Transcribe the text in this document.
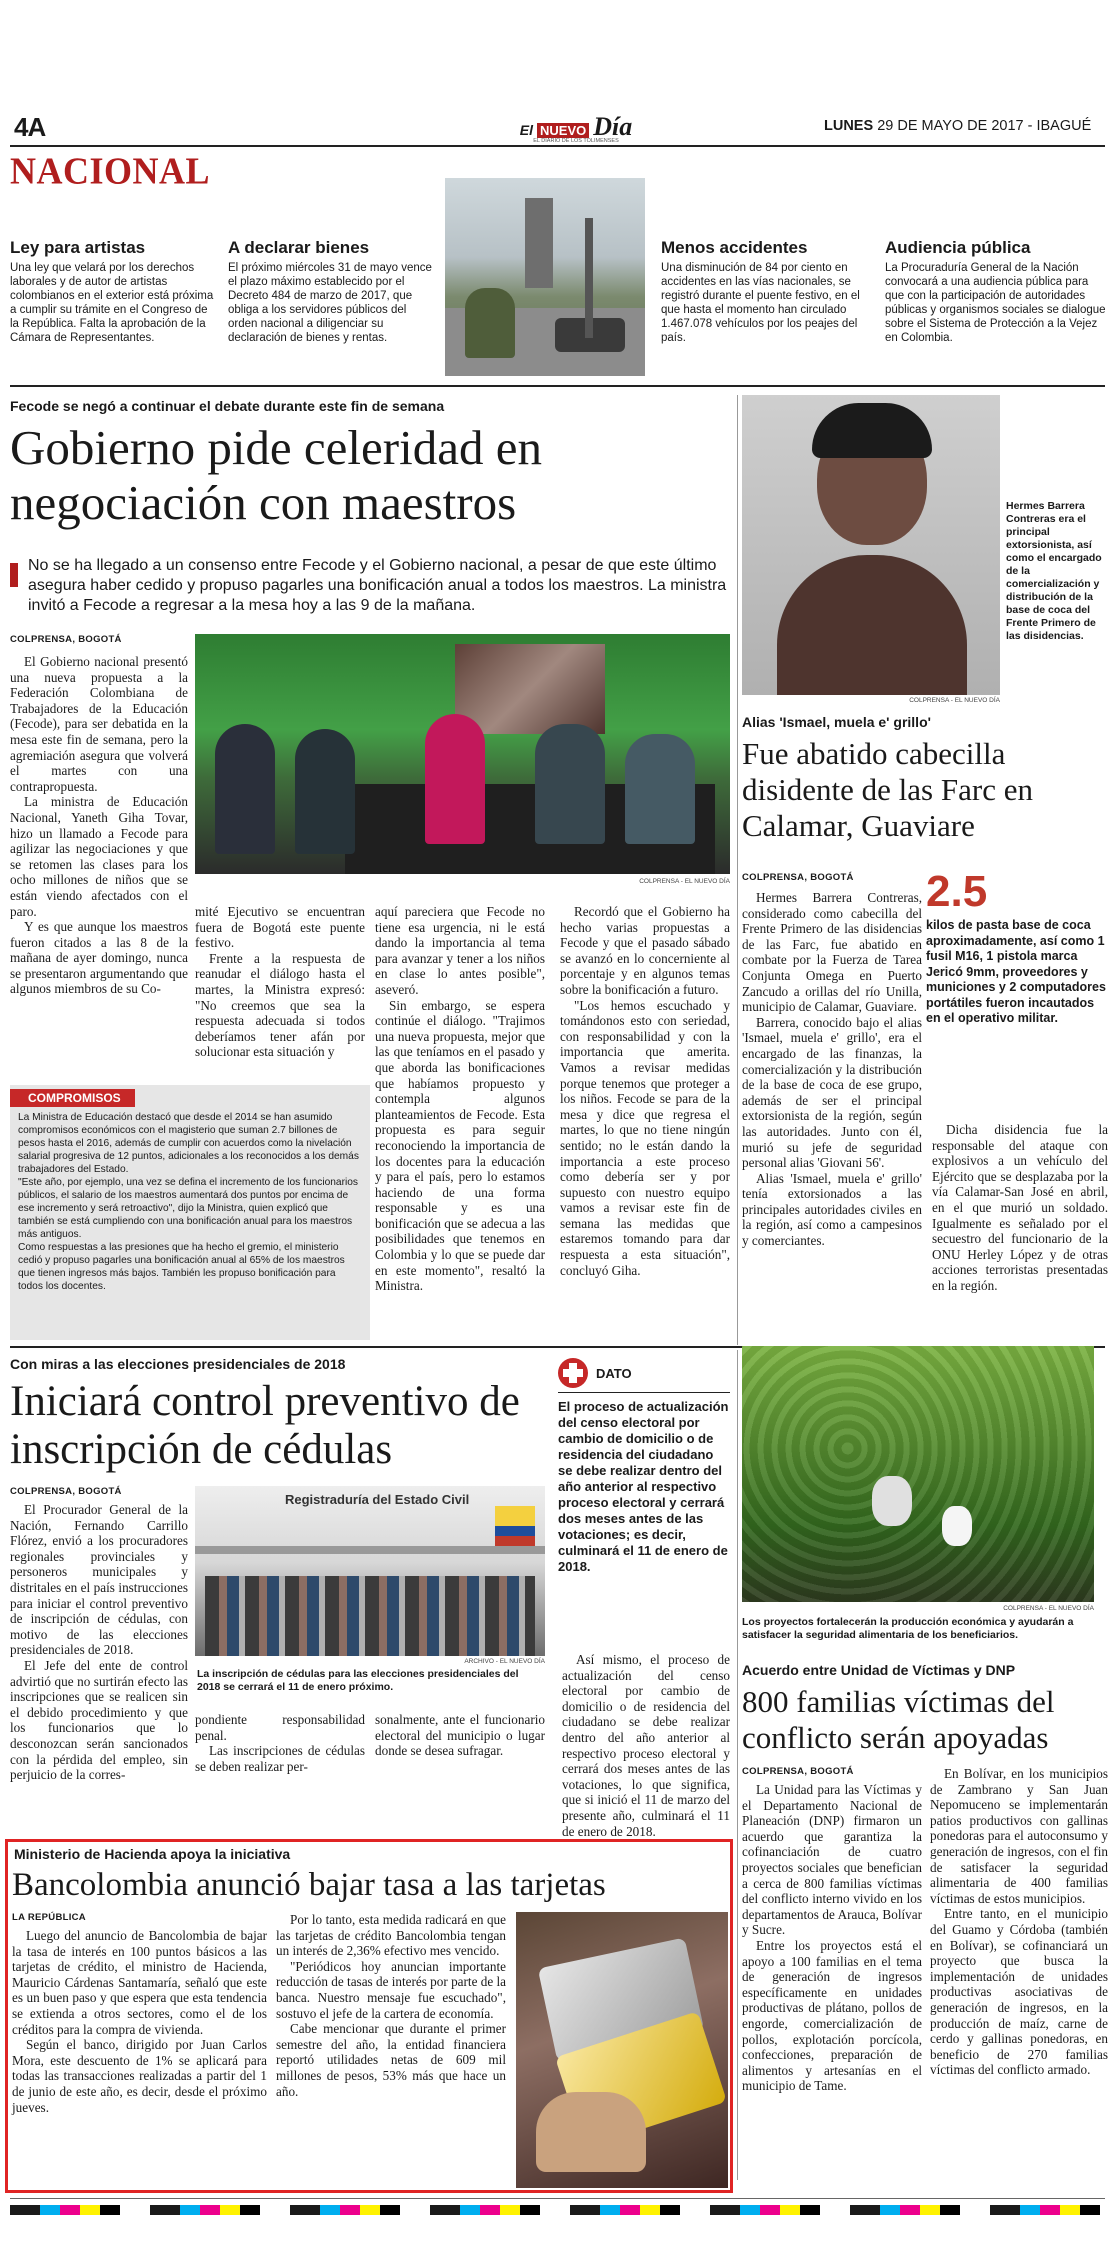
4A	El NUEVO Día
EL DIARIO DE LOS TOLIMENSES
LUNES 29 DE MAYO DE 2017 - IBAGUÉ
NACIONAL
Ley para artistas
Una ley que velará por los derechos laborales y de autor de artistas colombianos en el exterior está próxima a cumplir su trámite en el Congreso de la República. Falta la aprobación de la Cámara de Representantes.
A declarar bienes
El próximo miércoles 31 de mayo vence el plazo máximo establecido por el Decreto 484 de marzo de 2017, que obliga a los servidores públicos del orden nacional a diligenciar su declaración de bienes y rentas.
Menos accidentes
Una disminución de 84 por ciento en accidentes en las vías nacionales, se registró durante el puente festivo, en el que hasta el momento han circulado 1.467.078 vehículos por los peajes del país.
Audiencia pública
La Procuraduría General de la Nación convocará a una audiencia pública para que con la participación de autoridades públicas y organismos sociales se dialogue sobre el Sistema de Protección a la Vejez en Colombia.
Fecode se negó a continuar el debate durante este fin de semana
Gobierno pide celeridad en negociación con maestros
No se ha llegado a un consenso entre Fecode y el Gobierno nacional, a pesar de que este último asegura haber cedido y propuso pagarles una bonificación anual a todos los maestros. La ministra invitó a Fecode a regresar a la mesa hoy a las 9 de la mañana.
COLPRENSA, BOGOTÁ

El Gobierno nacional presentó una nueva propuesta a la Federación Colombiana de Trabajadores de la Educación (Fecode), para ser debatida en la mesa este fin de semana, pero la agremiación asegura que volverá el martes con una contrapropuesta.

La ministra de Educación Nacional, Yaneth Giha Tovar, hizo un llamado a Fecode para agilizar las negociaciones y que se retomen las clases para los ocho millones de niños que se están viendo afectados con el paro.

Y es que aunque los maestros fueron citados a las 8 de la mañana de ayer domingo, nunca se presentaron argumentando que algunos miembros de su Co-

COLPRENSA - EL NUEVO DÍA

mité Ejecutivo se encuentran fuera de Bogotá este puente festivo.

Frente a la respuesta de reanudar el diálogo hasta el martes, la Ministra expresó: "No creemos que sea la respuesta adecuada si todos deberíamos tener afán por solucionar esta situación y

aquí pareciera que Fecode no tiene esa urgencia, ni le está dando la importancia al tema para avanzar y tener a los niños en clase lo antes posible", aseveró.

Sin embargo, se espera continúe el diálogo. "Trajimos una nueva propuesta, mejor que las que teníamos en el pasado y que aborda las bonificaciones que habíamos propuesto y contempla algunos planteamientos de Fecode. Esta propuesta es para seguir reconociendo la importancia de los docentes para la educación y para el país, pero lo estamos haciendo de una forma responsable y es una bonificación que se adecua a las posibilidades que tenemos en Colombia y lo que se puede dar en este momento", resaltó la Ministra.

Recordó que el Gobierno ha hecho varias propuestas a Fecode y que el pasado sábado se avanzó en lo concerniente al porcentaje y en algunos temas sobre la bonificación a futuro.

"Los hemos escuchado y tomándonos esto con seriedad, con responsabilidad y con la importancia que amerita. Vamos a revisar medidas porque tenemos que proteger a los niños. Fecode se para de la mesa y dice que regresa el martes, lo que no tiene ningún sentido; no le están dando la importancia a este proceso como debería ser y por supuesto con nuestro equipo vamos a revisar este fin de semana las medidas que estaremos tomando para dar respuesta a esta situación", concluyó Giha.

COMPROMISOS

La Ministra de Educación destacó que desde el 2014 se han asumido compromisos económicos con el magisterio que suman 2.7 billones de pesos hasta el 2016, además de cumplir con acuerdos como la nivelación salarial progresiva de 12 puntos, adicionales a los reconocidos a los demás trabajadores del Estado.

"Este año, por ejemplo, una vez se defina el incremento de los funcionarios públicos, el salario de los maestros aumentará dos puntos por encima de ese incremento y será retroactivo", dijo la Ministra, quien explicó que también se está cumpliendo con una bonificación anual para los maestros más antiguos.

Como respuestas a las presiones que ha hecho el gremio, el ministerio cedió y propuso pagarles una bonificación anual al 65% de los maestros que tienen ingresos más bajos. También les propuso bonificación para todos los docentes.

Hermes Barrera Contreras era el principal extorsionista, así como el encargado de la comercialización y distribución de la base de coca del Frente Primero de las disidencias.
COLPRENSA - EL NUEVO DÍA
Alias 'Ismael, muela e' grillo'
Fue abatido cabecilla disidente de las Farc en Calamar, Guaviare
COLPRENSA, BOGOTÁ

Hermes Barrera Contreras, considerado como cabecilla del Frente Primero de las disidencias de las Farc, fue abatido en combate por la Fuerza de Tarea Conjunta Omega en Puerto Zancudo a orillas del río Unilla, municipio de Calamar, Guaviare.

Barrera, conocido bajo el alias 'Ismael, muela e' grillo', era el encargado de las finanzas, la comercialización y la distribución de la base de coca de ese grupo, además de ser el principal extorsionista de la región, según las autoridades. Junto con él, murió su jefe de seguridad personal alias 'Giovani 56'.

Alias 'Ismael, muela e' grillo' tenía extorsionados a las principales autoridades civiles en la región, así como a campesinos y comerciantes.

2.5
kilos de pasta base de coca aproximadamente, así como 1 fusil M16, 1 pistola marca Jericó 9mm, proveedores y municiones y 2 computadores portátiles fueron incautados en el operativo militar.

Dicha disidencia fue la responsable del ataque con explosivos a un vehículo del Ejército que se desplazaba por la vía Calamar-San José en abril, en el que murió un soldado. Igualmente es señalado por el secuestro del funcionario de la ONU Herley López y de otras acciones terroristas presentadas en la región.

Con miras a las elecciones presidenciales de 2018
Iniciará control preventivo de inscripción de cédulas
COLPRENSA, BOGOTÁ

El Procurador General de la Nación, Fernando Carrillo Flórez, envió a los procuradores regionales provinciales y personeros municipales y distritales en el país instrucciones para iniciar el control preventivo de inscripción de cédulas, con motivo de las elecciones presidenciales de 2018.

El Jefe del ente de control advirtió que no surtirán efecto las inscripciones que se realicen sin el debido procedimiento y que los funcionarios que lo desconozcan serán sancionados con la pérdida del empleo, sin perjuicio de la corres-

Registraduría del Estado Civil
ARCHIVO - EL NUEVO DÍA
La inscripción de cédulas para las elecciones presidenciales del 2018 se cerrará el 11 de enero próximo.

pondiente responsabilidad penal.

Las inscripciones de cédulas se deben realizar per-

sonalmente, ante el funcionario electoral del municipio o lugar donde se desea sufragar.

DATO
El proceso de actualización del censo electoral por cambio de domicilio o de residencia del ciudadano se debe realizar dentro del año anterior al respectivo proceso electoral y cerrará dos meses antes de las votaciones; es decir, culminará el 11 de enero de 2018.

Así mismo, el proceso de actualización del censo electoral por cambio de domicilio o de residencia del ciudadano se debe realizar dentro del año anterior al respectivo proceso electoral y cerrará dos meses antes de las votaciones, lo que significa, que si inició el 11 de marzo del presente año, culminará el 11 de enero de 2018.

COLPRENSA - EL NUEVO DÍA
Los proyectos fortalecerán la producción económica y ayudarán a satisfacer la seguridad alimentaria de los beneficiarios.
Acuerdo entre Unidad de Víctimas y DNP
800 familias víctimas del conflicto serán apoyadas
COLPRENSA, BOGOTÁ

La Unidad para las Víctimas y el Departamento Nacional de Planeación (DNP) firmaron un acuerdo que garantiza la cofinanciación de cuatro proyectos sociales que benefician a cerca de 800 familias víctimas del conflicto interno vivido en los departamentos de Arauca, Bolívar y Sucre.

Entre los proyectos está el apoyo a 100 familias en el tema de generación de ingresos específicamente en unidades productivas de plátano, pollos de engorde, comercialización de pollos, explotación porcícola, confecciones, preparación de alimentos y artesanías en el municipio de Tame.

En Bolívar, en los municipios de Zambrano y San Juan Nepomuceno se implementarán patios productivos con gallinas ponedoras para el autoconsumo y generación de ingresos, con el fin de satisfacer la seguridad alimentaria de 400 familias víctimas de estos municipios.

Entre tanto, en el municipio del Guamo y Córdoba (también en Bolívar), se cofinanciará un proyecto que busca la implementación de unidades productivas asociativas de generación de ingresos, en la producción de maíz, carne de cerdo y gallinas ponedoras, en beneficio de 270 familias víctimas del conflicto armado.

Ministerio de Hacienda apoya la iniciativa
Bancolombia anunció bajar tasa a las tarjetas
LA REPÚBLICA

Luego del anuncio de Bancolombia de bajar la tasa de interés en 100 puntos básicos a las tarjetas de crédito, el ministro de Hacienda, Mauricio Cárdenas Santamaría, señaló que este es un buen paso y que espera que esta tendencia se extienda a otros sectores, como el de los créditos para la compra de vivienda.

Según el banco, dirigido por Juan Carlos Mora, este descuento de 1% se aplicará para todas las transacciones realizadas a partir del 1 de junio de este año, es decir, desde el próximo jueves.

Por lo tanto, esta medida radicará en que las tarjetas de crédito Bancolombia tengan un interés de 2,36% efectivo mes vencido.

"Periódicos hoy anuncian importante reducción de tasas de interés por parte de la banca. Nuestro mensaje fue escuchado", sostuvo el jefe de la cartera de economía.

Cabe mencionar que durante el primer semestre del año, la entidad financiera reportó utilidades netas de 609 mil millones de pesos, 53% más que hace un año.
